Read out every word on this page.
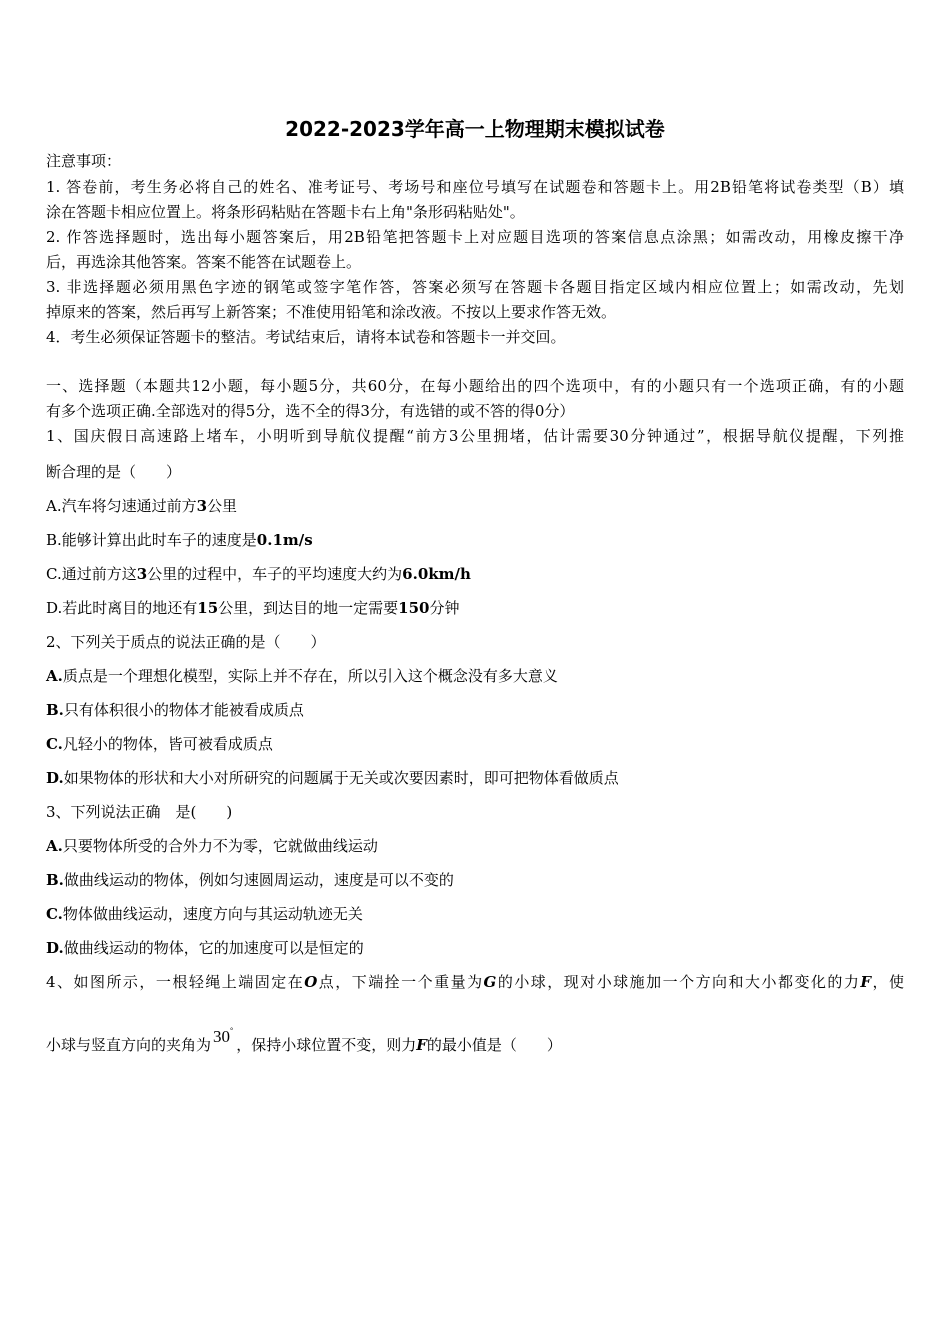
2022-2023学年高一上物理期末模拟试卷
注意事项：
1. 答卷前，考生务必将自己的姓名、准考证号、考场号和座位号填写在试题卷和答题卡上。用2B铅笔将试卷类型（B）填
涂在答题卡相应位置上。将条形码粘贴在答题卡右上角"条形码粘贴处"。
2. 作答选择题时，选出每小题答案后，用2B铅笔把答题卡上对应题目选项的答案信息点涂黑；如需改动，用橡皮擦干净
后，再选涂其他答案。答案不能答在试题卷上。
3. 非选择题必须用黑色字迹的钢笔或签字笔作答，答案必须写在答题卡各题目指定区域内相应位置上；如需改动，先划
掉原来的答案，然后再写上新答案；不准使用铅笔和涂改液。不按以上要求作答无效。
4．考生必须保证答题卡的整洁。考试结束后，请将本试卷和答题卡一并交回。
一、选择题（本题共12小题，每小题5分，共60分，在每小题给出的四个选项中，有的小题只有一个选项正确，有的小题
有多个选项正确.全部选对的得5分，选不全的得3分，有选错的或不答的得0分）
1、国庆假日高速路上堵车，小明听到导航仪提醒“前方3公里拥堵，估计需要30分钟通过”，根据导航仪提醒，下列推
断合理的是（　　）
A.汽车将匀速通过前方3公里
B.能够计算出此时车子的速度是0.1m/s
C.通过前方这3公里的过程中，车子的平均速度大约为6.0km/h
D.若此时离目的地还有15公里，到达目的地一定需要150分钟
2、下列关于质点的说法正确的是（　　）
A.质点是一个理想化模型，实际上并不存在，所以引入这个概念没有多大意义
B.只有体积很小的物体才能被看成质点
C.凡轻小的物体，皆可被看成质点
D.如果物体的形状和大小对所研究的问题属于无关或次要因素时，即可把物体看做质点
3、下列说法正确　是(　　)
A.只要物体所受的合外力不为零，它就做曲线运动
B.做曲线运动的物体，例如匀速圆周运动，速度是可以不变的
C.物体做曲线运动，速度方向与其运动轨迹无关
D.做曲线运动的物体，它的加速度可以是恒定的
4、如图所示，一根轻绳上端固定在O点，下端拴一个重量为G的小球，现对小球施加一个方向和大小都变化的力F，使
小球与竖直方向的夹角为 30°，保持小球位置不变，则力F的最小值是（　　）
